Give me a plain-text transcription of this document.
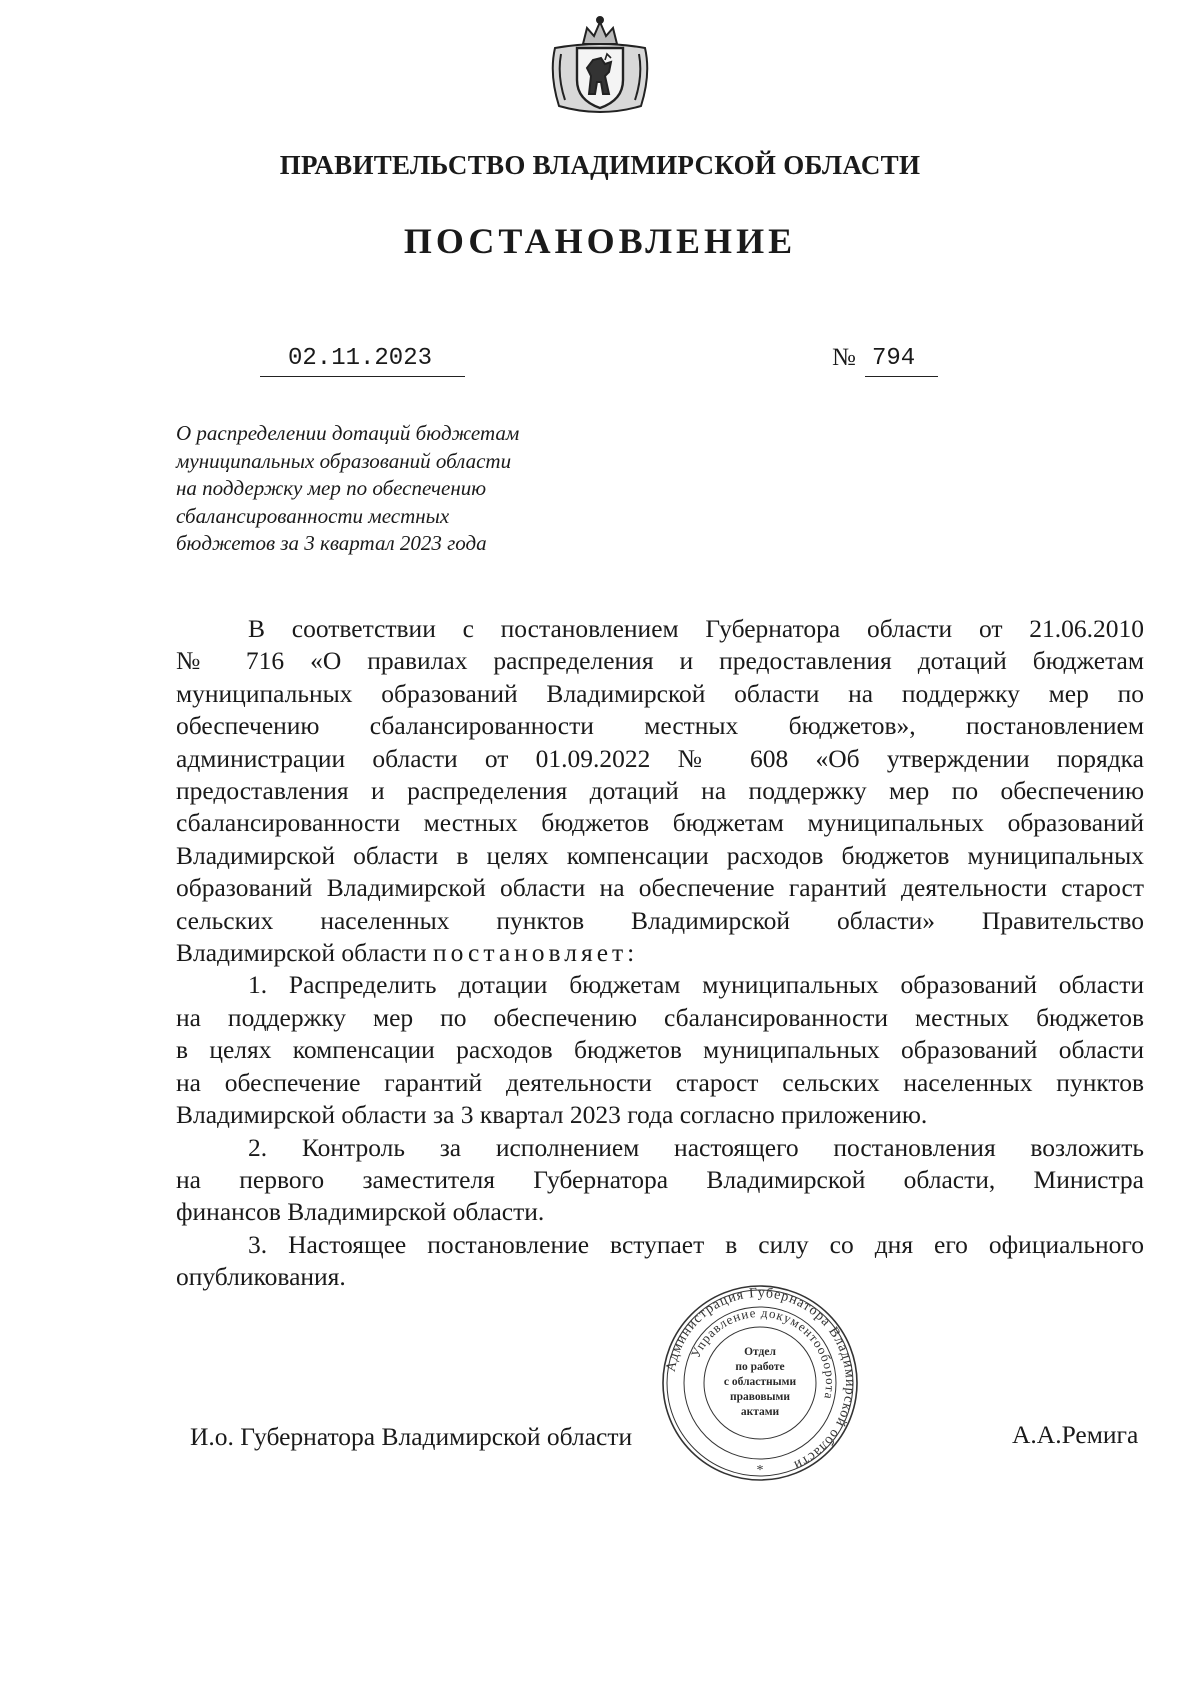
ПРАВИТЕЛЬСТВО ВЛАДИМИРСКОЙ ОБЛАСТИ
ПОСТАНОВЛЕНИЕ
02.11.2023	№ 794
О распределении дотаций бюджетам
муниципальных образований области
на поддержку мер по обеспечению
сбалансированности местных
бюджетов за 3 квартал 2023 года
В соответствии с постановлением Губернатора области от 21.06.2010
№ 716 «О правилах распределения и предоставления дотаций бюджетам
муниципальных образований Владимирской области на поддержку мер по
обеспечению сбалансированности местных бюджетов», постановлением
администрации области от 01.09.2022 № 608 «Об утверждении порядка
предоставления и распределения дотаций на поддержку мер по обеспечению
сбалансированности местных бюджетов бюджетам муниципальных образований
Владимирской области в целях компенсации расходов бюджетов муниципальных
образований Владимирской области на обеспечение гарантий деятельности старост
сельских населенных пунктов Владимирской области» Правительство
Владимирской области постановляет:
1. Распределить дотации бюджетам муниципальных образований области
на поддержку мер по обеспечению сбалансированности местных бюджетов
в целях компенсации расходов бюджетов муниципальных образований области
на обеспечение гарантий деятельности старост сельских населенных пунктов
Владимирской области за 3 квартал 2023 года согласно приложению.
2. Контроль за исполнением настоящего постановления возложить
на первого заместителя Губернатора Владимирской области, Министра
финансов Владимирской области.
3. Настоящее постановление вступает в силу со дня его официального
опубликования.
И.о. Губернатора Владимирской области	А.А.Ремига
Администрация Губернатора Владимирской области
Управление документооборота
*
Отдел
по работе
с областными
правовыми
актами
